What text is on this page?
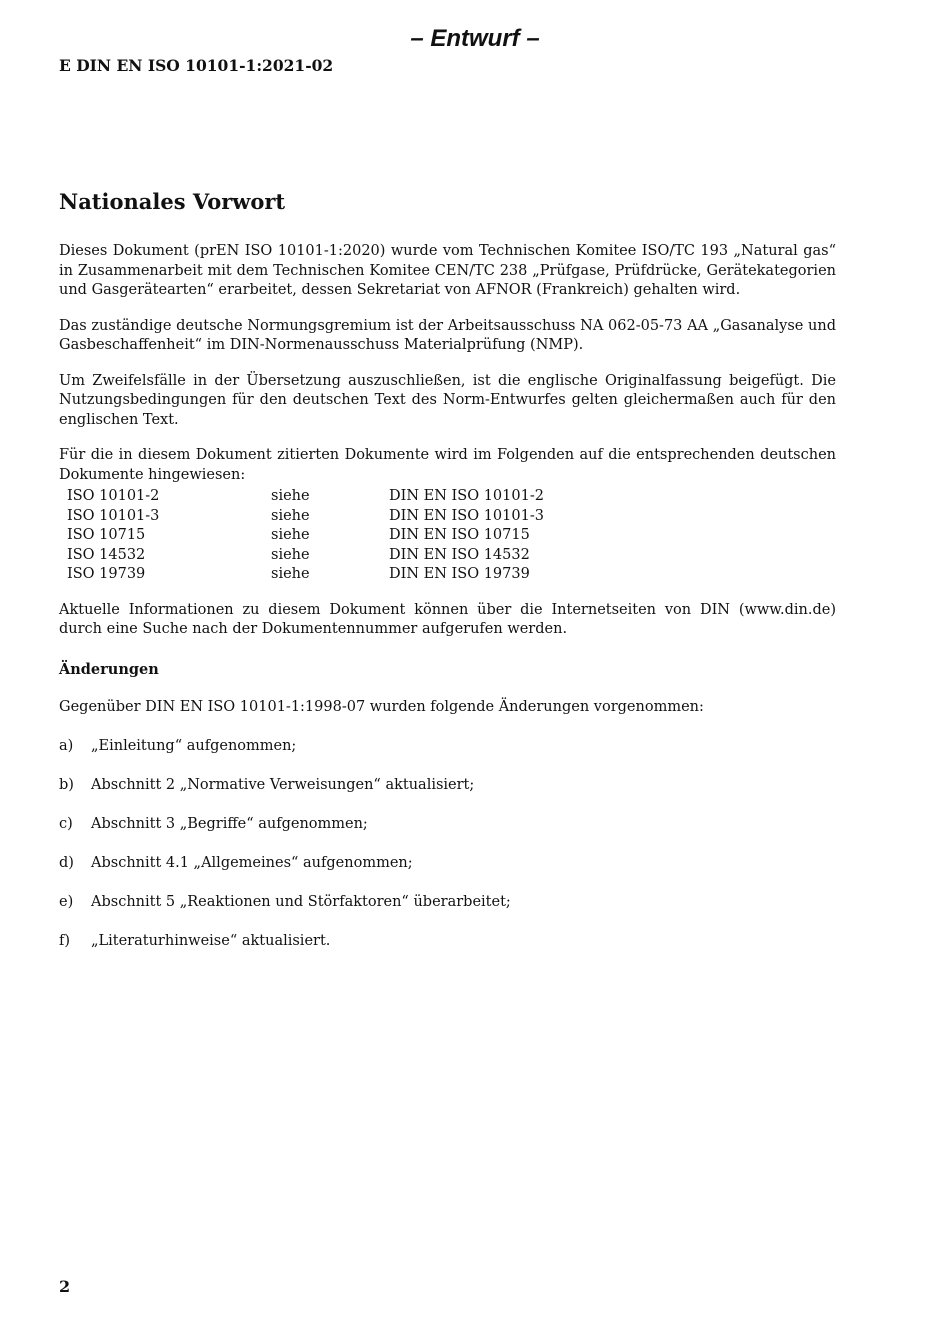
– Entwurf –
E DIN EN ISO 10101-1:2021-02
Nationales Vorwort

Dieses Dokument (prEN ISO 10101-1:2020) wurde vom Technischen Komitee ISO/TC 193 „Natural gas“ in Zusammenarbeit mit dem Technischen Komitee CEN/TC 238 „Prüfgase, Prüfdrücke, Gerätekategorien und Gasgerätearten“ erarbeitet, dessen Sekretariat von AFNOR (Frankreich) gehalten wird.

Das zuständige deutsche Normungsgremium ist der Arbeitsausschuss NA 062-05-73 AA „Gasanalyse und Gasbeschaffenheit“ im DIN-Normenausschuss Materialprüfung (NMP).

Um Zweifelsfälle in der Übersetzung auszuschließen, ist die englische Originalfassung beigefügt. Die Nutzungsbedingungen für den deutschen Text des Norm-Entwurfes gelten gleichermaßen auch für den englischen Text.

Für die in diesem Dokument zitierten Dokumente wird im Folgenden auf die entsprechenden deutschen Dokumente hingewiesen:

ISO 10101-2	siehe	DIN EN ISO 10101-2
ISO 10101-3	siehe	DIN EN ISO 10101-3
ISO 10715	siehe	DIN EN ISO 10715
ISO 14532	siehe	DIN EN ISO 14532
ISO 19739	siehe	DIN EN ISO 19739

Aktuelle Informationen zu diesem Dokument können über die Internetseiten von DIN (www.din.de) durch eine Suche nach der Dokumentennummer aufgerufen werden.

Änderungen

Gegenüber DIN EN ISO 10101-1:1998-07 wurden folgende Änderungen vorgenommen:

a)	„Einleitung“ aufgenommen;
b)	Abschnitt 2 „Normative Verweisungen“ aktualisiert;
c)	Abschnitt 3 „Begriffe“ aufgenommen;
d)	Abschnitt 4.1 „Allgemeines“ aufgenommen;
e)	Abschnitt 5 „Reaktionen und Störfaktoren“ überarbeitet;
f)	„Literaturhinweise“ aktualisiert.
2
